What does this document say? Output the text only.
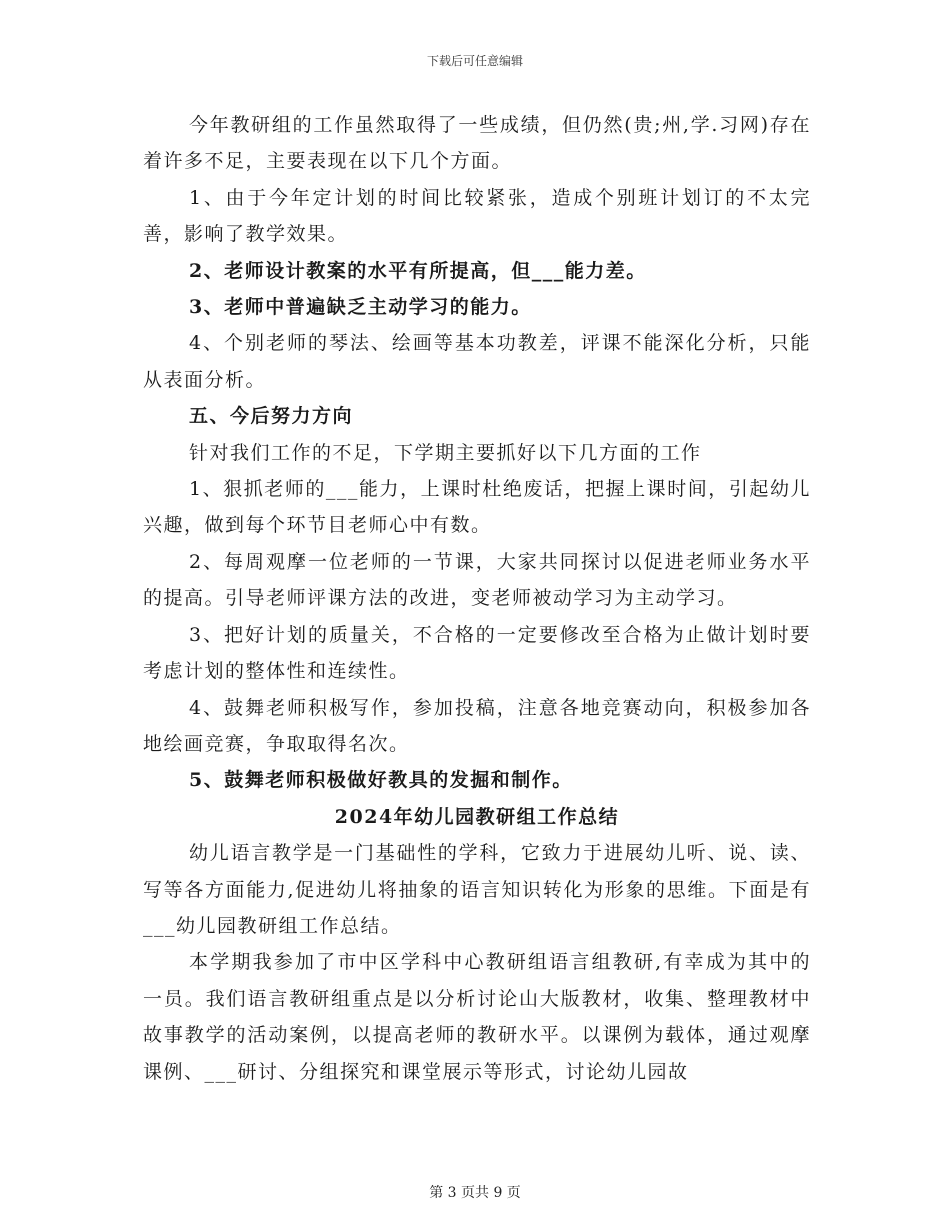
下载后可任意编辑

今年教研组的工作虽然取得了一些成绩，但仍然(贵;州,学.习网)存在着许多不足，主要表现在以下几个方面。

1、由于今年定计划的时间比较紧张，造成个别班计划订的不太完善，影响了教学效果。

2、老师设计教案的水平有所提高，但___能力差。

3、老师中普遍缺乏主动学习的能力。

4、个别老师的琴法、绘画等基本功教差，评课不能深化分析，只能从表面分析。

五、今后努力方向

针对我们工作的不足，下学期主要抓好以下几方面的工作

1、狠抓老师的___能力，上课时杜绝废话，把握上课时间，引起幼儿兴趣，做到每个环节目老师心中有数。

2、每周观摩一位老师的一节课，大家共同探讨以促进老师业务水平的提高。引导老师评课方法的改进，变老师被动学习为主动学习。

3、把好计划的质量关，不合格的一定要修改至合格为止做计划时要考虑计划的整体性和连续性。

4、鼓舞老师积极写作，参加投稿，注意各地竞赛动向，积极参加各地绘画竞赛，争取取得名次。

5、鼓舞老师积极做好教具的发掘和制作。

2024年幼儿园教研组工作总结

幼儿语言教学是一门基础性的学科，它致力于进展幼儿听、说、读、写等各方面能力,促进幼儿将抽象的语言知识转化为形象的思维。下面是有___幼儿园教研组工作总结。

本学期我参加了市中区学科中心教研组语言组教研,有幸成为其中的一员。我们语言教研组重点是以分析讨论山大版教材，收集、整理教材中故事教学的活动案例，以提高老师的教研水平。以课例为载体，通过观摩课例、___研讨、分组探究和课堂展示等形式，讨论幼儿园故

第 3 页共 9 页
